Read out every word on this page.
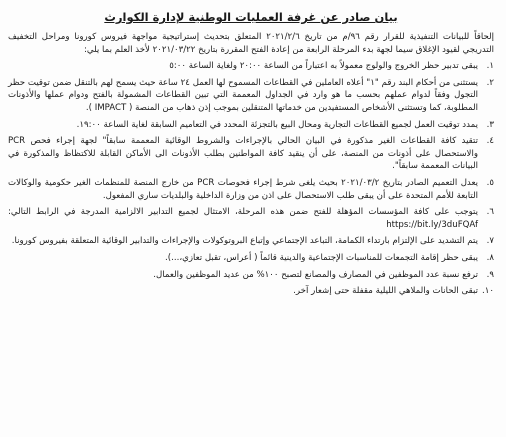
بيان صادر عن غرفة العمليات الوطنية لإدارة الكوارث

إلحاقاً للبيانات التنفيذية للقرار رقم ٩٦/م من تاريخ ٢٠٢١/٢/٦ المتعلق بتحديث إستراتيجية مواجهة فيروس كورونا ومراحل التخفيف التدريجي لقيود الإغلاق سيما لجهة بدء المرحلة الرابعة من إعادة الفتح المقررة بتاريخ ٢٠٢١/٠٣/٢٢ لأخذ العلم بما يلي:

١.
يبقى تدبير حظر الخروج والولوج معمولاً به اعتباراً من الساعة ٢٠:٠٠ ولغاية الساعة ٥:٠٠
٢.
يستثنى من أحكام البند رقم "١" أعلاه العاملين في القطاعات المسموح لها العمل ٢٤ ساعة حيث يسمح لهم بالتنقل ضمن توقيت حظر التجول وفقاً لدوام عملهم بحسب ما هو وارد في الجداول المعممة التي تبين القطاعات المشمولة بالفتح ودوام عملها والأذونات المطلوبة، كما وتستثنى الأشخاص المستفيدين من خدماتها المتنقلين بموجب إذن ذهاب من المنصة ( IMPACT ).
٣.
يمدد توقيت العمل لجميع القطاعات التجارية ومحال البيع بالتجزئة المحدد في التعاميم السابقة لغاية الساعة ١٩:٠٠.
٤.
تتقيد كافة القطاعات الغير مذكورة في البيان الحالي بالإجراءات والشروط الوقائية المعممة سابقاً" لجهة إجراء فحص PCR والاستحصال على أذونات من المنصة، على أن ينقيد كافة المواطنين بطلب الأذونات الى الأماكن القابلة للاكتظاظ والمذكورة في البيانات المعممة سابقاً".
٥.
يعدل التعميم الصادر بتاريخ ٢٠٢١/٠٣/٢ بحيث يلغى شرط إجراء فحوصات PCR من خارج المنصة للمنظمات الغير حكومية والوكالات التابعة للأمم المتحدة على أن يبقى طلب الاستحصال على اذن من وزارة الداخلية والبلديات ساري المفعول.
٦.
يتوجب على كافة المؤسسات المؤهلة للفتح ضمن هذه المرحلة، الامتثال لجميع التدابير الالزامية المدرجة في الرابط التالي: https://bit.ly/3duFQAf
٧.
يتم التشديد على الإلتزام بارتداء الكمامة، التباعد الإجتماعي وإتباع البروتوكولات والإجراءات والتدابير الوقائية المتعلقة بفيروس كورونا.
٨.
يبقى حظر إقامة التجمعات للمناسبات الإجتماعية والدينية قائماً ( أعراس، تقبل تعازي،...).
٩.
ترفع نسبة عدد الموظفين في المصارف والمصانع لتصبح ١٠٠% من عديد الموظفين والعمال.
١٠.
تبقى الحانات والملاهي الليلية مقفلة حتى إشعار آخر.
